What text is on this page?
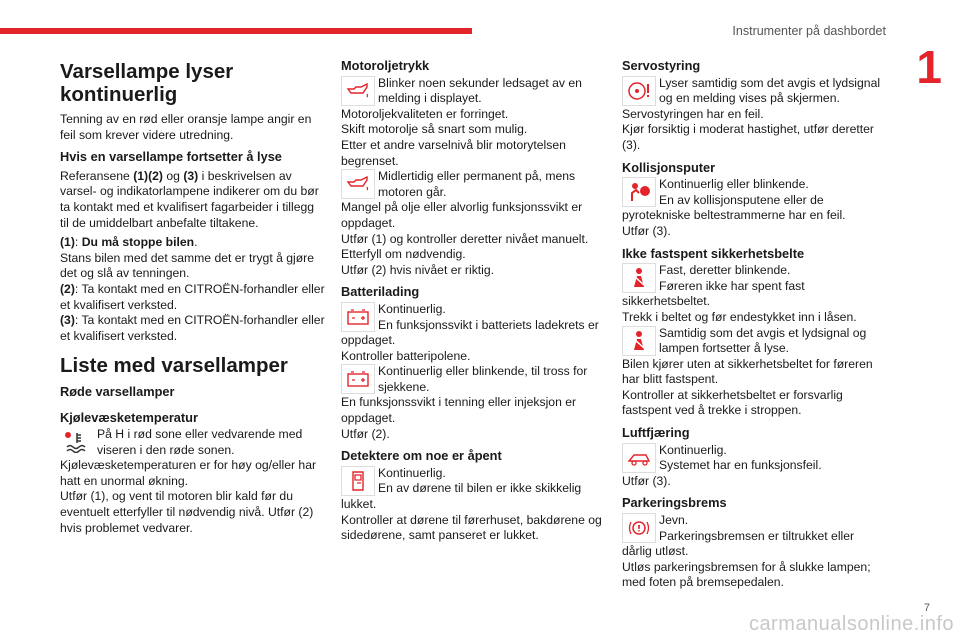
Instrumenter på dashbordet
1
Varsellampe lyser kontinuerlig

Tenning av en rød eller oransje lampe angir en feil som krever videre utredning.

Hvis en varsellampe fortsetter å lyse

Referansene (1)(2) og (3) i beskrivelsen av varsel- og indikatorlampene indikerer om du bør ta kontakt med et kvalifisert fagarbeider i tillegg til de umiddelbart anbefalte tiltakene.

(1): Du må stoppe bilen.

Stans bilen med det samme det er trygt å gjøre det og slå av tenningen.

(2): Ta kontakt med en CITROËN-forhandler eller et kvalifisert verksted.

(3): Ta kontakt med en CITROËN-forhandler eller et kvalifisert verksted.

Liste med varsellamper
Røde varsellamper
Kjølevæsketemperatur
På H i rød sone eller vedvarende med viseren i den røde sonen.

Kjølevæsketemperaturen er for høy og/eller har hatt en unormal økning.
Utfør (1), og vent til motoren blir kald før du eventuelt etterfyller til nødvendig nivå. Utfør (2) hvis problemet vedvarer.

Motoroljetrykk
Blinker noen sekunder ledsaget av en melding i displayet.

Motoroljekvaliteten er forringet.
Skift motorolje så snart som mulig.
Etter et andre varselnivå blir motorytelsen begrenset.

Midlertidig eller permanent på, mens motoren går.

Mangel på olje eller alvorlig funksjonssvikt er oppdaget.
Utfør (1) og kontroller deretter nivået manuelt. Etterfyll om nødvendig.
Utfør (2) hvis nivået er riktig.

Batterilading
Kontinuerlig.
En funksjonssvikt i batteriets ladekrets er

oppdaget.
Kontroller batteripolene.

Kontinuerlig eller blinkende, til tross for sjekkene.

En funksjonssvikt i tenning eller injeksjon er oppdaget.
Utfør (2).

Detektere om noe er åpent
Kontinuerlig.
En av dørene til bilen er ikke skikkelig

lukket.
Kontroller at dørene til førerhuset, bakdørene og sidedørene, samt panseret er lukket.

Servostyring
Lyser samtidig som det avgis et lydsignal og en melding vises på skjermen.

Servostyringen har en feil.
Kjør forsiktig i moderat hastighet, utfør deretter (3).

Kollisjonsputer
Kontinuerlig eller blinkende.
En av kollisjonsputene eller de

pyrotekniske beltestrammerne har en feil.
Utfør (3).

Ikke fastspent sikkerhetsbelte
Fast, deretter blinkende.
Føreren ikke har spent fast

sikkerhetsbeltet.
Trekk i beltet og før endestykket inn i låsen.

Samtidig som det avgis et lydsignal og lampen fortsetter å lyse.

Bilen kjører uten at sikkerhetsbeltet for føreren har blitt fastspent.
Kontroller at sikkerhetsbeltet er forsvarlig fastspent ved å trekke i stroppen.

Luftfjæring
Kontinuerlig.
Systemet har en funksjonsfeil.

Utfør (3).

Parkeringsbrems
Jevn.
Parkeringsbremsen er tiltrukket eller

dårlig utløst.
Utløs parkeringsbremsen for å slukke lampen; med foten på bremsepedalen.

7
carmanualsonline.info
